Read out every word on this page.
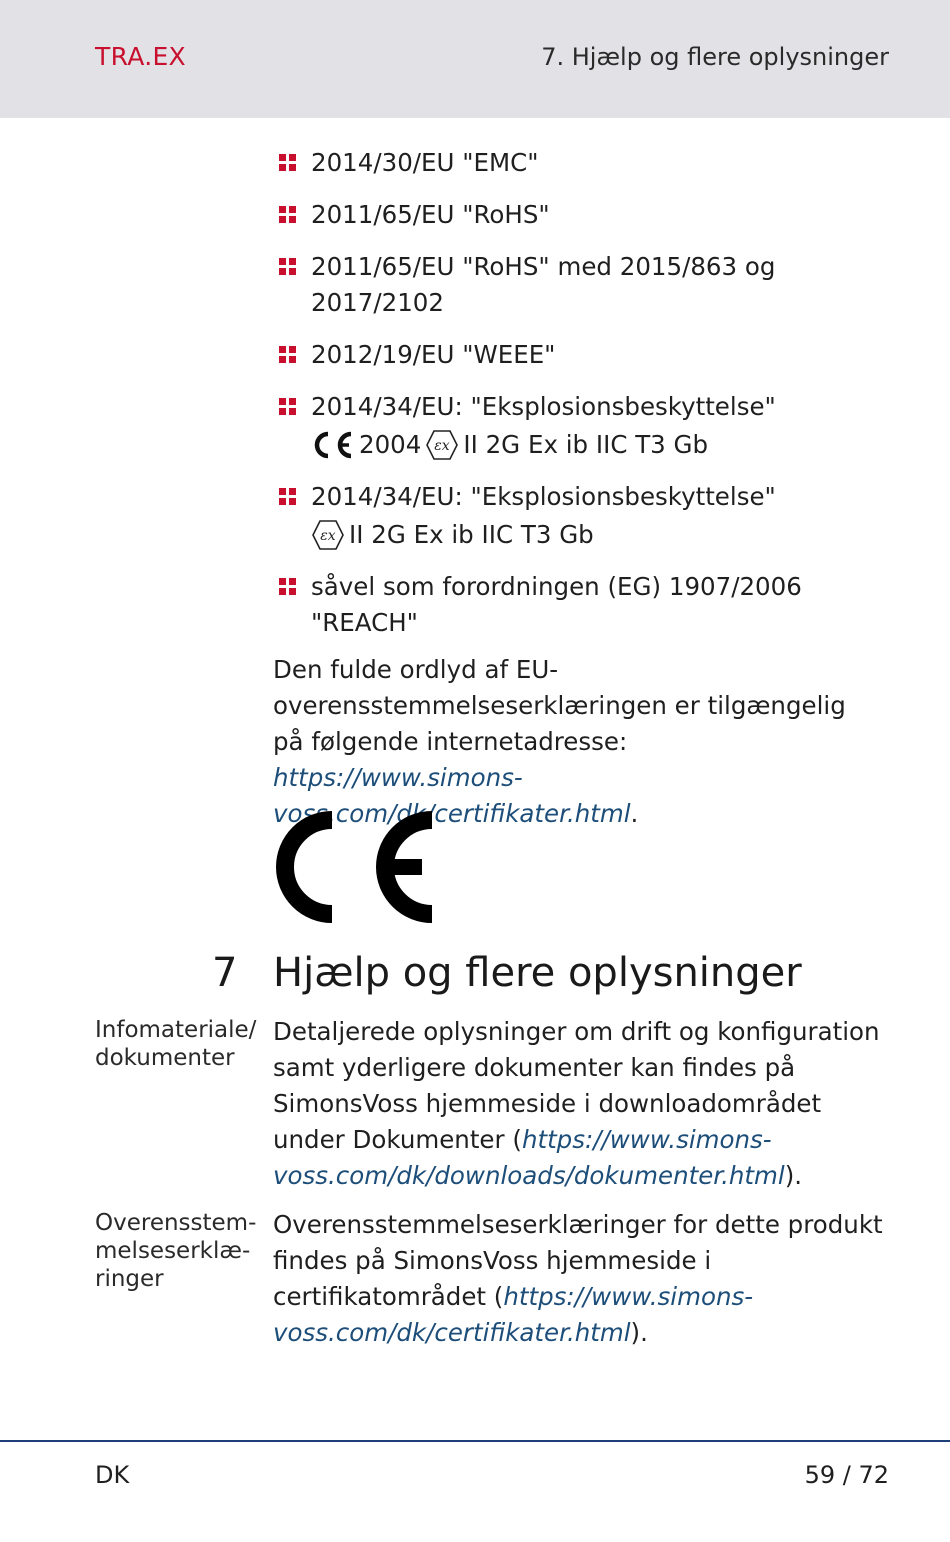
TRA.EX	7. Hjælp og flere oplysninger
2014/30/EU "EMC"
2011/65/EU "RoHS"
2011/65/EU "RoHS" med 2015/863 og 2017/2102
2012/19/EU "WEEE"
2014/34/EU: "Eksplosionsbeskyttelse"
2004 εx II 2G Ex ib IIC T3 Gb
2014/34/EU: "Eksplosionsbeskyttelse"
εx II 2G Ex ib IIC T3 Gb
såvel som forordningen (EG) 1907/2006 "REACH"
Den fulde ordlyd af EU-overensstemmelseserklæringen er tilgængelig på følgende internetadresse: https://www.simons-voss.com/dk/certifikater.html.
7 Hjælp og flere oplysninger
Infomateriale/ dokumenter
Detaljerede oplysninger om drift og konfiguration samt yderligere dokumenter kan findes på SimonsVoss hjemmeside i downloadområdet under Dokumenter (https://www.simons-voss.com/dk/downloads/dokumenter.html).
Overensstem-melseserklæ-ringer
Overensstemmelseserklæringer for dette produkt findes på SimonsVoss hjemmeside i certifikatområdet (https://www.simons-voss.com/dk/certifikater.html).
DK	59 / 72
